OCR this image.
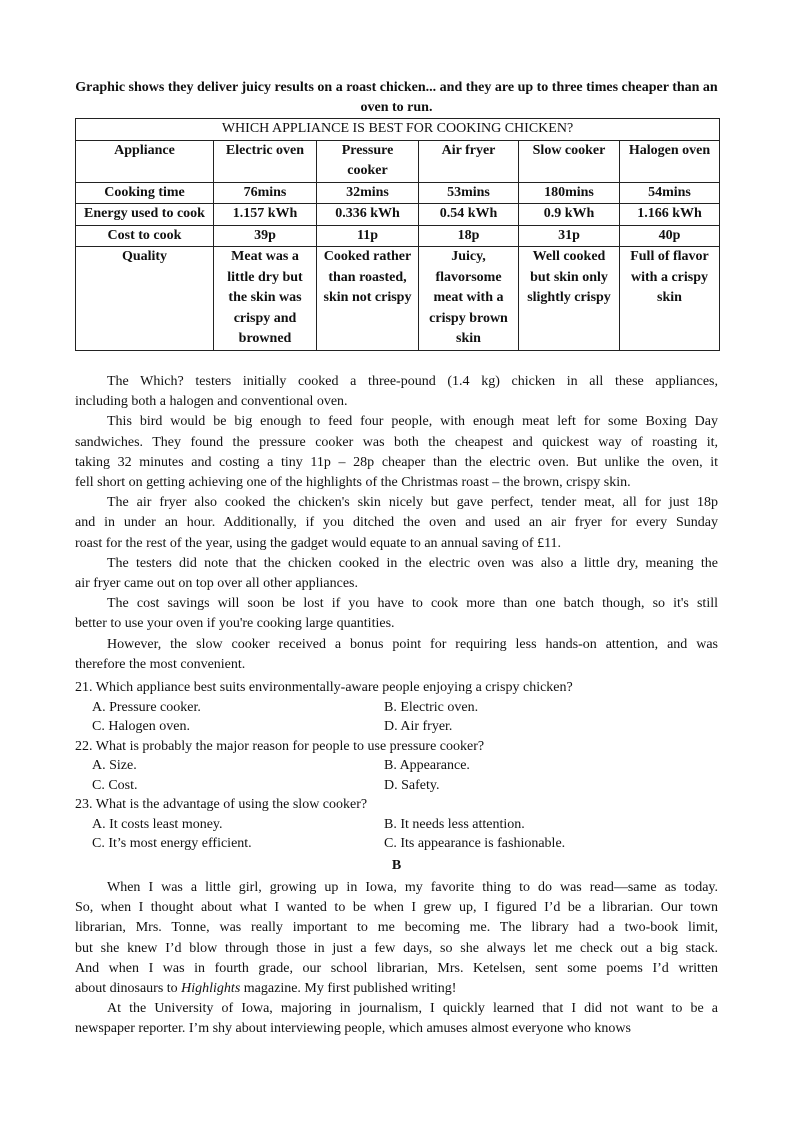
Graphic shows they deliver juicy results on a roast chicken... and they are up to three times cheaper than an oven to run.
WHICH APPLIANCE IS BEST FOR COOKING CHICKEN?					
Appliance	Electric oven	Pressure cooker	Air fryer	Slow cooker	Halogen oven
Cooking time	76mins	32mins	53mins	180mins	54mins
Energy used to cook	1.157 kWh	0.336 kWh	0.54 kWh	0.9 kWh	1.166 kWh
Cost to cook	39p	11p	18p	31p	40p
Quality	Meat was a little dry but the skin was crispy and browned	Cooked rather than roasted, skin not crispy	Juicy, flavorsome meat with a crispy brown skin	Well cooked but skin only slightly crispy	Full of flavor with a crispy skin
The Which? testers initially cooked a three-pound (1.4 kg) chicken in all these appliances,
including both a halogen and conventional oven.
This bird would be big enough to feed four people, with enough meat left for some Boxing Day
sandwiches. They found the pressure cooker was both the cheapest and quickest way of roasting it,
taking 32 minutes and costing a tiny 11p – 28p cheaper than the electric oven. But unlike the oven, it
fell short on getting achieving one of the highlights of the Christmas roast – the brown, crispy skin.
The air fryer also cooked the chicken's skin nicely but gave perfect, tender meat, all for just 18p
and in under an hour. Additionally, if you ditched the oven and used an air fryer for every Sunday
roast for the rest of the year, using the gadget would equate to an annual saving of £11.
The testers did note that the chicken cooked in the electric oven was also a little dry, meaning the
air fryer came out on top over all other appliances.
The cost savings will soon be lost if you have to cook more than one batch though, so it's still
better to use your oven if you're cooking large quantities.
However, the slow cooker received a bonus point for requiring less hands-on attention, and was
therefore the most convenient.
21. Which appliance best suits environmentally-aware people enjoying a crispy chicken?
A. Pressure cooker.	B. Electric oven.
C. Halogen oven.	D. Air fryer.
22. What is probably the major reason for people to use pressure cooker?
A. Size.	B. Appearance.
C. Cost.	D. Safety.
23. What is the advantage of using the slow cooker?
A. It costs least money.	B. It needs less attention.
C. It’s most energy efficient.	C. Its appearance is fashionable.
B
When I was a little girl, growing up in Iowa, my favorite thing to do was read—same as today.
So, when I thought about what I wanted to be when I grew up, I figured I’d be a librarian. Our town
librarian, Mrs. Tonne, was really important to me becoming me. The library had a two-book limit,
but she knew I’d blow through those in just a few days, so she always let me check out a big stack.
And when I was in fourth grade, our school librarian, Mrs. Ketelsen, sent some poems I’d written
about dinosaurs to Highlights magazine. My first published writing!
At the University of Iowa, majoring in journalism, I quickly learned that I did not want to be a
newspaper reporter. I’m shy about interviewing people, which amuses almost everyone who knows
